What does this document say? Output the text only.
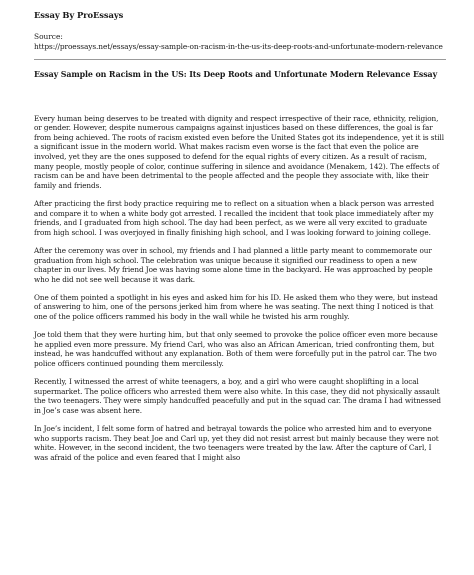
Essay By ProEssays

Source:

https://proessays.net/essays/essay-sample-on-racism-in-the-us-its-deep-roots-and-unfortunate-modern-relevance

Essay Sample on Racism in the US: Its Deep Roots and Unfortunate Modern Relevance Essay

Every human being deserves to be treated with dignity and respect irrespective of their race, ethnicity, religion, or gender. However, despite numerous campaigns against injustices based on these differences, the goal is far from being achieved. The roots of racism existed even before the United States got its independence, yet it is still a significant issue in the modern world. What makes racism even worse is the fact that even the police are involved, yet they are the ones supposed to defend for the equal rights of every citizen. As a result of racism, many people, mostly people of color, continue suffering in silence and avoidance (Menakem, 142). The effects of racism can be and have been detrimental to the people affected and the people they associate with, like their family and friends.

After practicing the first body practice requiring me to reflect on a situation when a black person was arrested and compare it to when a white body got arrested. I recalled the incident that took place immediately after my friends, and I graduated from high school. The day had been perfect, as we were all very excited to graduate from high school. I was overjoyed in finally finishing high school, and I was looking forward to joining college.

After the ceremony was over in school, my friends and I had planned a little party meant to commemorate our graduation from high school. The celebration was unique because it signified our readiness to open a new chapter in our lives. My friend Joe was having some alone time in the backyard. He was approached by people who he did not see well because it was dark.

One of them pointed a spotlight in his eyes and asked him for his ID. He asked them who they were, but instead of answering to him, one of the persons jerked him from where he was seating. The next thing I noticed is that one of the police officers rammed his body in the wall while he twisted his arm roughly.

Joe told them that they were hurting him, but that only seemed to provoke the police officer even more because he applied even more pressure. My friend Carl, who was also an African American, tried confronting them, but instead, he was handcuffed without any explanation. Both of them were forcefully put in the patrol car. The two police officers continued pounding them mercilessly.

Recently, I witnessed the arrest of white teenagers, a boy, and a girl who were caught shoplifting in a local supermarket. The police officers who arrested them were also white. In this case, they did not physically assault the two teenagers. They were simply handcuffed peacefully and put in the squad car. The drama I had witnessed in Joe’s case was absent here.

In Joe’s incident, I felt some form of hatred and betrayal towards the police who arrested him and to everyone who supports racism. They beat Joe and Carl up, yet they did not resist arrest but mainly because they were not white. However, in the second incident, the two teenagers were treated by the law. After the capture of Carl, I was afraid of the police and even feared that I might also
